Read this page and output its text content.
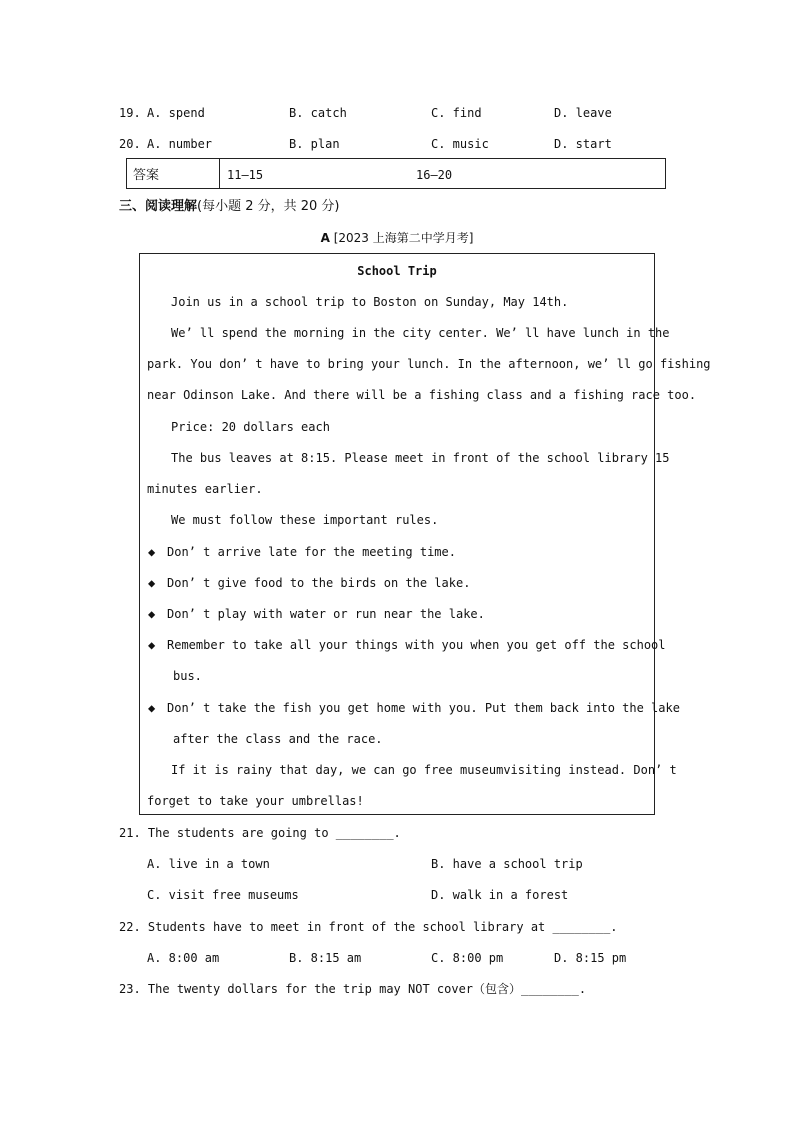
19. A. spend	B. catch	C. find	D. leave
20. A. number	B. plan	C. music	D. start
答案	11—15	16—20
三、阅读理解(每小题 2 分，共 20 分)
A [2023 上海第二中学月考]
School Trip
Join us in a school trip to Boston on Sunday, May 14th.
We’ ll spend the morning in the city center. We’ ll have lunch in the
park. You don’ t have to bring your lunch. In the afternoon, we’ ll go fishing
near Odinson Lake. And there will be a fishing class and a fishing race too.
Price: 20 dollars each
The bus leaves at 8:15. Please meet in front of the school library 15
minutes earlier.
We must follow these important rules.
◆ Don’ t arrive late for the meeting time.
◆ Don’ t give food to the birds on the lake.
◆ Don’ t play with water or run near the lake.
◆ Remember to take all your things with you when you get off the school
bus.
◆ Don’ t take the fish you get home with you. Put them back into the lake
after the class and the race.
If it is rainy that day, we can go free museumvisiting instead. Don’ t
forget to take your umbrellas!
21. The students are going to ________.
A. live in a town	B. have a school trip
C. visit free museums	D. walk in a forest
22. Students have to meet in front of the school library at ________.
A. 8:00 am	B. 8:15 am	C. 8:00 pm	D. 8:15 pm
23. The twenty dollars for the trip may NOT cover（包含）________.
